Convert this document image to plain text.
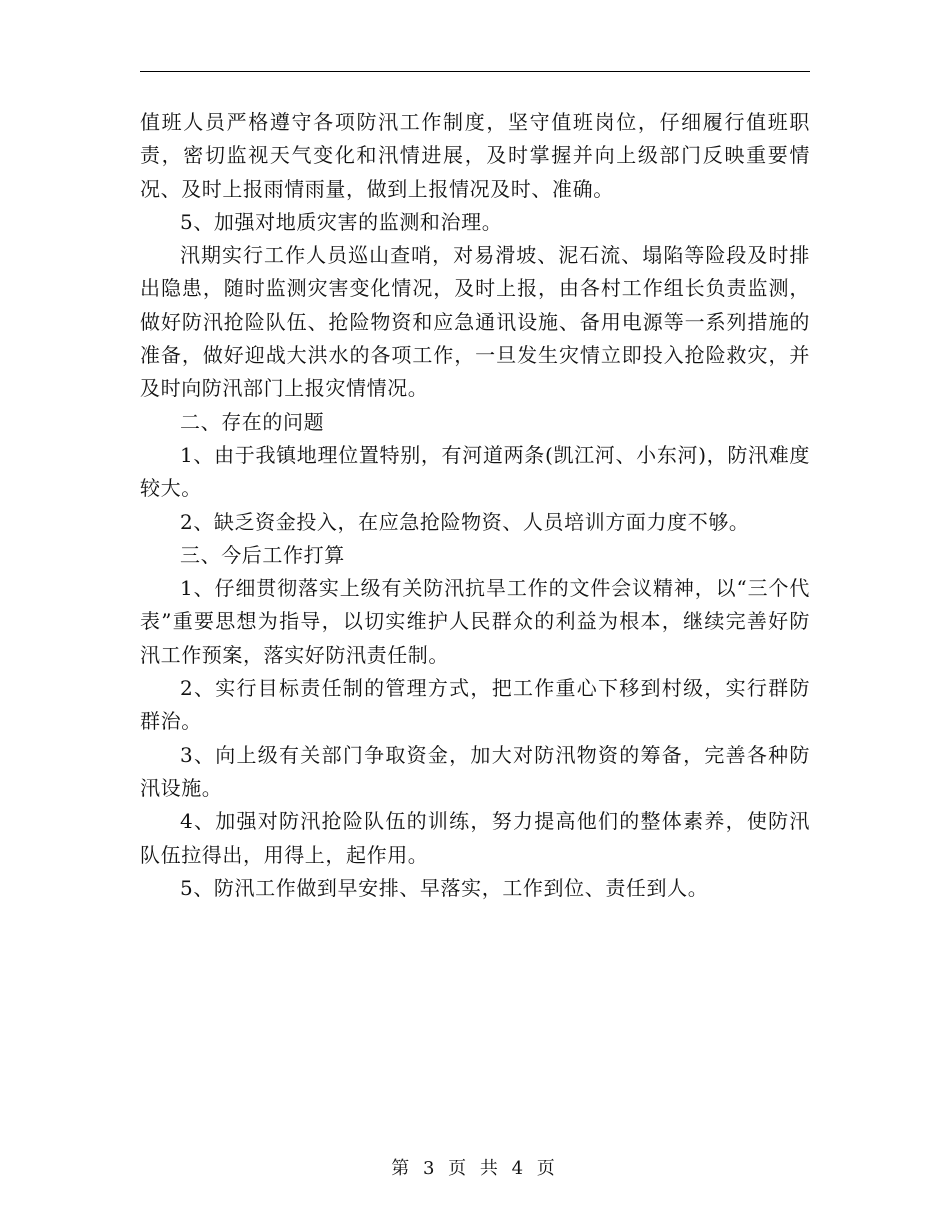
值班人员严格遵守各项防汛工作制度，坚守值班岗位，仔细履行值班职责，密切监视天气变化和汛情进展，及时掌握并向上级部门反映重要情况、及时上报雨情雨量，做到上报情况及时、准确。

5、加强对地质灾害的监测和治理。

汛期实行工作人员巡山查哨，对易滑坡、泥石流、塌陷等险段及时排出隐患，随时监测灾害变化情况，及时上报，由各村工作组长负责监测，做好防汛抢险队伍、抢险物资和应急通讯设施、备用电源等一系列措施的准备，做好迎战大洪水的各项工作，一旦发生灾情立即投入抢险救灾，并及时向防汛部门上报灾情情况。

二、存在的问题

1、由于我镇地理位置特别，有河道两条(凯江河、小东河)，防汛难度较大。

2、缺乏资金投入，在应急抢险物资、人员培训方面力度不够。

三、今后工作打算

1、仔细贯彻落实上级有关防汛抗旱工作的文件会议精神，以“三个代表”重要思想为指导，以切实维护人民群众的利益为根本，继续完善好防汛工作预案，落实好防汛责任制。

2、实行目标责任制的管理方式，把工作重心下移到村级，实行群防群治。

3、向上级有关部门争取资金，加大对防汛物资的筹备，完善各种防汛设施。

4、加强对防汛抢险队伍的训练，努力提高他们的整体素养，使防汛队伍拉得出，用得上，起作用。

5、防汛工作做到早安排、早落实，工作到位、责任到人。

第 3 页 共 4 页
